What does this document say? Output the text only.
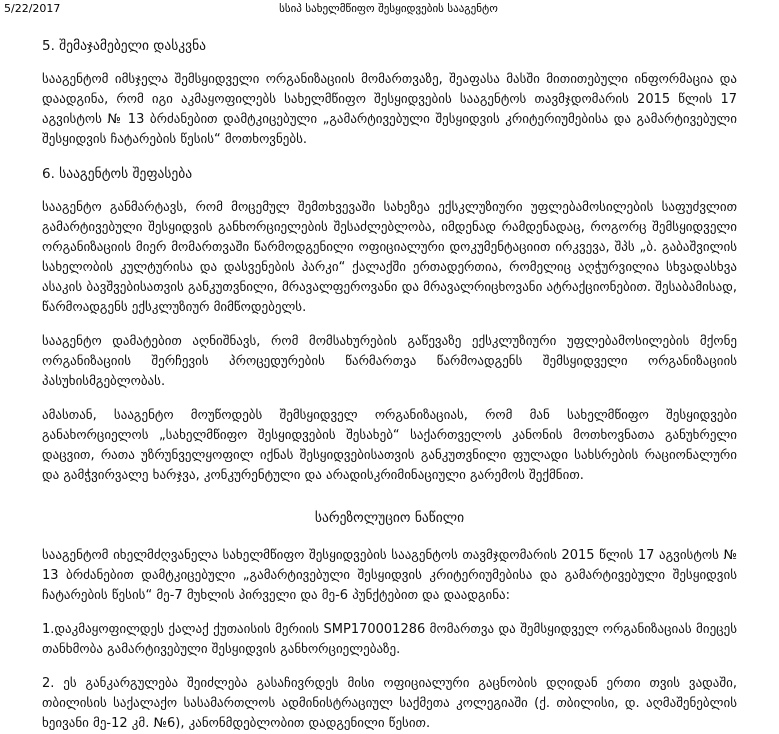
5/22/2017	სსიპ სახელმწიფო შესყიდვების სააგენტო
5. შემაჯამებელი დასკვნა

სააგენტომ იმსჯელა შემსყიდველი ორგანიზაციის მომართვაზე, შეაფასა მასში მითითებული ინფორმაცია და დაადგინა, რომ იგი აკმაყოფილებს სახელმწიფო შესყიდვების სააგენტოს თავმჯდომარის 2015 წლის 17 აგვისტოს № 13 ბრძანებით დამტკიცებული „გამარტივებული შესყიდვის კრიტერიუმებისა და გამარტივებული შესყიდვის ჩატარების წესის“ მოთხოვნებს.

6. სააგენტოს შეფასება

სააგენტო განმარტავს, რომ მოცემულ შემთხვევაში სახეზეა ექსკლუზიური უფლებამოსილების საფუძვლით გამარტივებული შესყიდვის განხორციელების შესაძლებლობა, იმდენად რამდენადაც, როგორც შემსყიდველი ორგანიზაციის მიერ მომართვაში წარმოდგენილი ოფიციალური დოკუმენტაციით ირკვევა, შპს „ბ. გაბაშვილის სახელობის კულტურისა და დასვენების პარკი“ ქალაქში ერთადერთია, რომელიც აღჭურვილია სხვადასხვა ასაკის ბავშვებისათვის განკუთვნილი, მრავალფეროვანი და მრავალრიცხოვანი ატრაქციონებით. შესაბამისად, წარმოადგენს ექსკლუზიურ მიმწოდებელს.

სააგენტო დამატებით აღნიშნავს, რომ მომსახურების გაწევაზე ექსკლუზიური უფლებამოსილების მქონე ორგანიზაციის შერჩევის პროცედურების წარმართვა წარმოადგენს შემსყიდველი ორგანიზაციის პასუხისმგებლობას.

ამასთან, სააგენტო მოუწოდებს შემსყიდველ ორგანიზაციას, რომ მან სახელმწიფო შესყიდვები განახორციელოს „სახელმწიფო შესყიდვების შესახებ“ საქართველოს კანონის მოთხოვნათა განუხრელი დაცვით, რათა უზრუნველყოფილ იქნას შესყიდვებისათვის განკუთვნილი ფულადი სახსრების რაციონალური და გამჭვირვალე ხარჯვა, კონკურენტული და არადისკრიმინაციული გარემოს შექმნით.

სარეზოლუციო ნაწილი

სააგენტომ იხელმძღვანელა სახელმწიფო შესყიდვების სააგენტოს თავმჯდომარის 2015 წლის 17 აგვისტოს № 13 ბრძანებით დამტკიცებული „გამარტივებული შესყიდვის კრიტერიუმებისა და გამარტივებული შესყიდვის ჩატარების წესის“ მე-7 მუხლის პირველი და მე-6 პუნქტებით და დაადგინა:

1.დაკმაყოფილდეს ქალაქ ქუთაისის მერიის SMP170001286 მომართვა და შემსყიდველ ორგანიზაციას მიეცეს თანხმობა გამარტივებული შესყიდვის განხორციელებაზე.

2. ეს განკარგულება შეიძლება გასაჩივრდეს მისი ოფიციალური გაცნობის დღიდან ერთი თვის ვადაში, თბილისის საქალაქო სასამართლოს ადმინისტრაციულ საქმეთა კოლეგიაში (ქ. თბილისი, დ. აღმაშენებლის ხეივანი მე-12 კმ. №6), კანონმდებლობით დადგენილი წესით.
